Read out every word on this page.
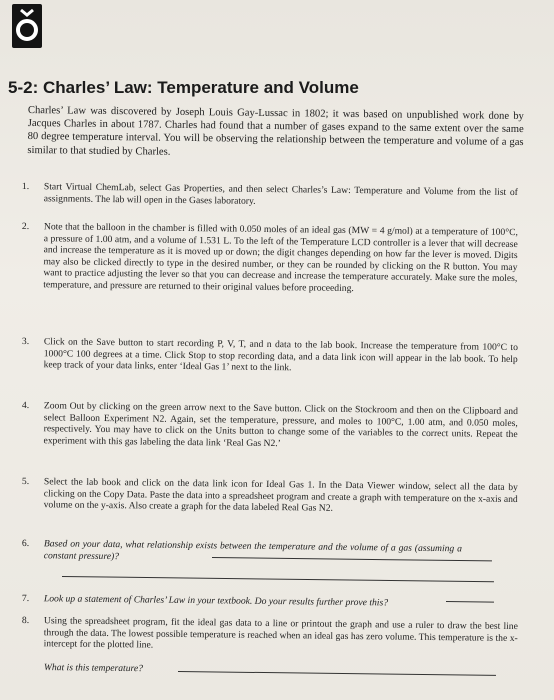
5-2: Charles’ Law: Temperature and Volume
Charles’ Law was discovered by Joseph Louis Gay-Lussac in 1802; it was based on unpublished work done by Jacques Charles in about 1787. Charles had found that a number of gases expand to the same extent over the same 80 degree temperature interval. You will be observing the relationship between the temperature and volume of a gas similar to that studied by Charles.
1.	Start Virtual ChemLab, select Gas Properties, and then select Charles’s Law: Temperature and Volume from the list of assignments. The lab will open in the Gases laboratory.
2.	Note that the balloon in the chamber is filled with 0.050 moles of an ideal gas (MW = 4 g/mol) at a temperature of 100°C, a pressure of 1.00 atm, and a volume of 1.531 L. To the left of the Temperature LCD controller is a lever that will decrease and increase the temperature as it is moved up or down; the digit changes depending on how far the lever is moved. Digits may also be clicked directly to type in the desired number, or they can be rounded by clicking on the R button. You may want to practice adjusting the lever so that you can decrease and increase the temperature accurately. Make sure the moles, temperature, and pressure are returned to their original values before proceeding.
3.	Click on the Save button to start recording P, V, T, and n data to the lab book. Increase the temperature from 100°C to 1000°C 100 degrees at a time. Click Stop to stop recording data, and a data link icon will appear in the lab book. To help keep track of your data links, enter ‘Ideal Gas 1’ next to the link.
4.	Zoom Out by clicking on the green arrow next to the Save button. Click on the Stockroom and then on the Clipboard and select Balloon Experiment N2. Again, set the temperature, pressure, and moles to 100°C, 1.00 atm, and 0.050 moles, respectively. You may have to click on the Units button to change some of the variables to the correct units. Repeat the experiment with this gas labeling the data link ‘Real Gas N2.’
5.	Select the lab book and click on the data link icon for Ideal Gas 1. In the Data Viewer window, select all the data by clicking on the Copy Data. Paste the data into a spreadsheet program and create a graph with temperature on the x-axis and volume on the y-axis. Also create a graph for the data labeled Real Gas N2.
6.	Based on your data, what relationship exists between the temperature and the volume of a gas (assuming a constant pressure)?
7.	Look up a statement of Charles’ Law in your textbook. Do your results further prove this?
8.	Using the spreadsheet program, fit the ideal gas data to a line or printout the graph and use a ruler to draw the best line through the data. The lowest possible temperature is reached when an ideal gas has zero volume. This temperature is the x-intercept for the plotted line.
What is this temperature?
